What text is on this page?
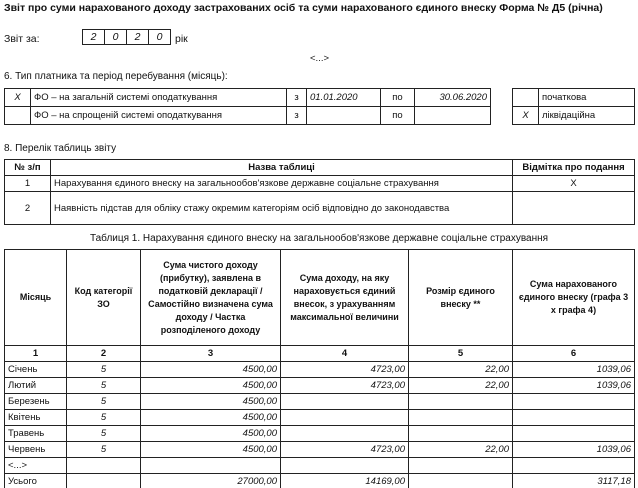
Звіт про суми нарахованого доходу застрахованих осіб та суми нарахованого єдиного внеску Форма № Д5 (річна)
Звіт за:	2	0	2	0	рік
<...>
6. Тип платника та період перебування (місяць):
X	ФО – на загальній системі оподаткування	з	01.01.2020	по	30.06.2020
	ФО – на спрощеній системі оподаткування	з		по	
	початкова
X	ліквідаційна
8. Перелік таблиць звіту
№ з/п	Назва таблиці	Відмітка про подання
1	Нарахування єдиного внеску на загальнообов'язкове державне соціальне страхування	X
2	Наявність підстав для обліку стажу окремим категоріям осіб відповідно до законодавства	
Таблиця 1. Нарахування єдиного внеску на загальнообов'язкове державне соціальне страхування
Місяць	Код категорії ЗО	Сума чистого доходу (прибутку), заявлена в податковій декларації / Самостійно визначена сума доходу / Частка розподіленого доходу	Сума доходу, на яку нараховується єдиний внесок, з урахуванням максимальної величини	Розмір єдиного внеску **	Сума нарахованого єдиного внеску (графа 3 х графа 4)
1	2	3	4	5	6
Січень	5	4500,00	4723,00	22,00	1039,06
Лютий	5	4500,00	4723,00	22,00	1039,06
Березень	5	4500,00			
Квітень	5	4500,00			
Травень	5	4500,00			
Червень	5	4500,00	4723,00	22,00	1039,06
<...>					
Усього		27000,00	14169,00		3117,18
